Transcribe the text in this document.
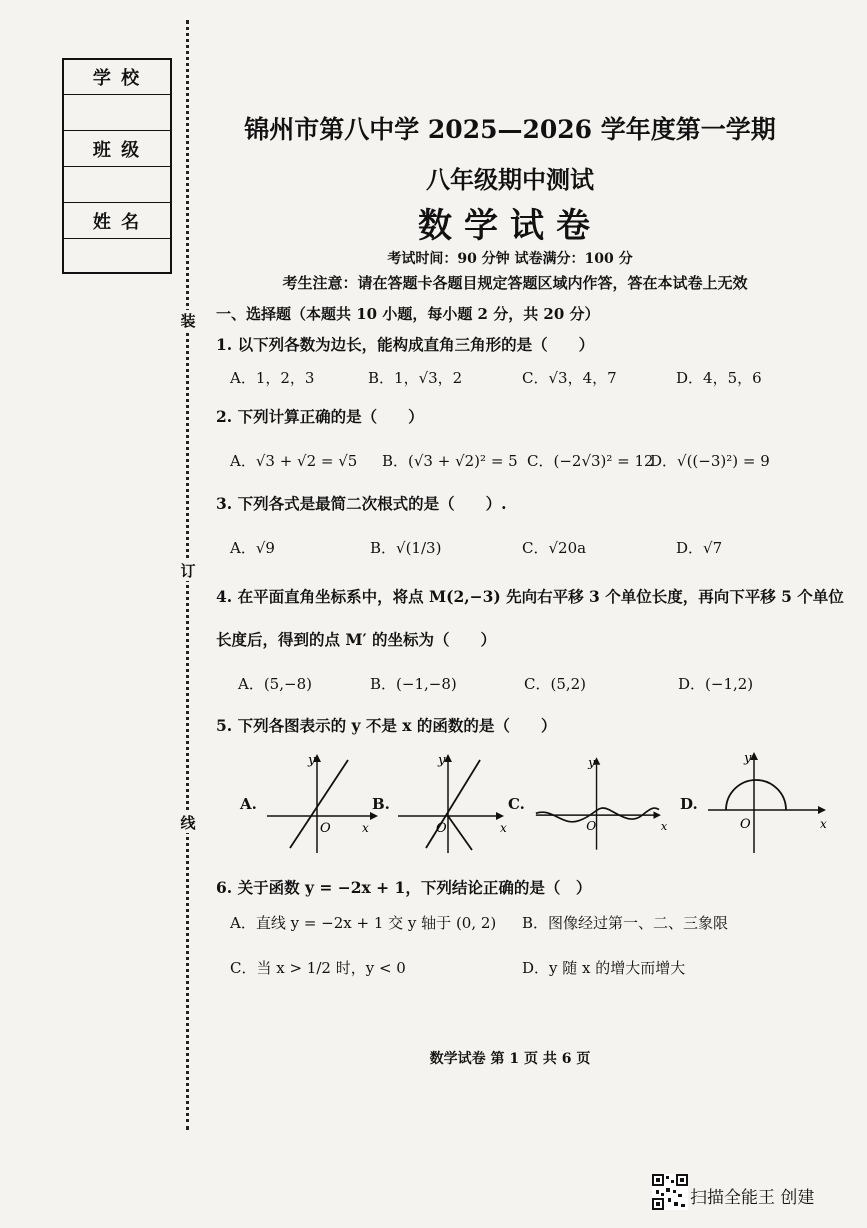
学 校
班 级
姓 名
装
订
线
锦州市第八中学 2025—2026 学年度第一学期
八年级期中测试
数学试卷
考试时间：90 分钟 试卷满分：100 分
考生注意：请在答题卡各题目规定答题区域内作答，答在本试卷上无效
一、选择题（本题共 10 小题，每小题 2 分，共 20 分）
1. 以下列各数为边长，能构成直角三角形的是（　　）
A．1，2，3	B．1，√3，2	C．√3，4，7	D．4，5，6
2. 下列计算正确的是（　　）
A．√3 + √2 = √5 B．(√3 + √2)² = 5 C．(−2√3)² = 12
D．√((−3)²) = 9
3. 下列各式是最简二次根式的是（　　）.
A．√9	B．√(1/3)	C．√20a	D．√7
4. 在平面直角坐标系中，将点 M(2,−3) 先向右平移 3 个单位长度，再向下平移 5 个单位
长度后，得到的点 M′ 的坐标为（　　）
A．(5,−8)	B．(−1,−8)	C．(5,2)	D．(−1,2)
5. 下列各图表示的 y 不是 x 的函数的是（　　）
A.
y
O	x
B.
y
O	x
C.
y
O	x
D.
y
O	x
6. 关于函数 y = −2x + 1，下列结论正确的是（　）
A．直线 y = −2x + 1 交 y 轴于 (0, 2) B．图像经过第一、二、三象限
C．当 x > 1/2 时，y < 0	D．y 随 x 的增大而增大
数学试卷 第 1 页 共 6 页
扫描全能王 创建
